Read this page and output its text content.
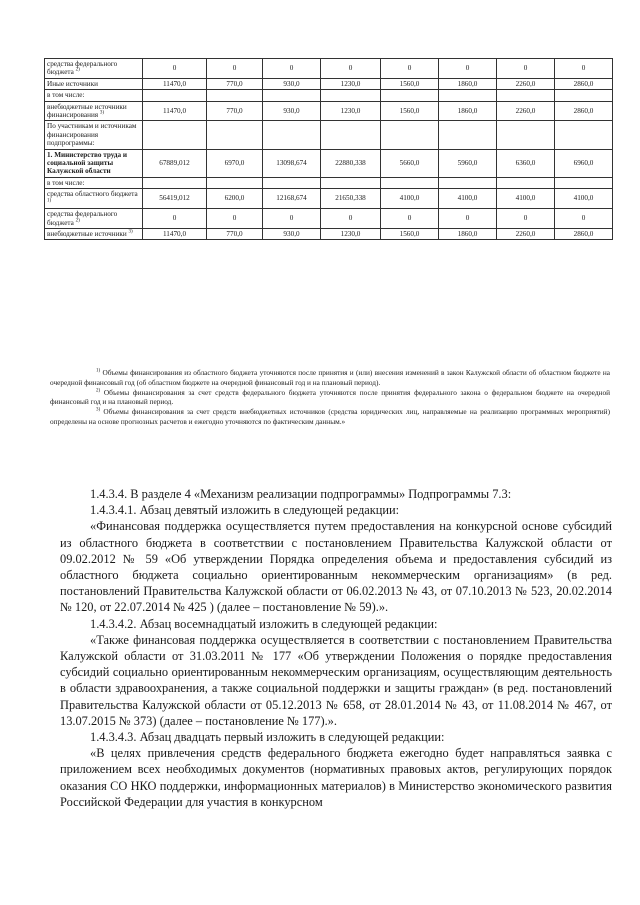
средства федерального бюджета $^{2)}$	0	0	0	0	0	0	0	0
Иные источники	11470,0	770,0	930,0	1230,0	1560,0	1860,0	2260,0	2860,0
в том числе:								
внебюджетные источники финансирования $^{3)}$	11470,0	770,0	930,0	1230,0	1560,0	1860,0	2260,0	2860,0
По участникам и источникам финансирования подпрограммы:								
1. Министерство труда и социальной защиты Калужской области	67889,012	6970,0	13098,674	22880,338	5660,0	5960,0	6360,0	6960,0
в том числе:								
средства областного бюджета $^{1)}$	56419,012	6200,0	12168,674	21650,338	4100,0	4100,0	4100,0	4100,0
средства федерального бюджета $^{2)}$	0	0	0	0	0	0	0	0
внебюджетные источники $^{3)}$	11470,0	770,0	930,0	1230,0	1560,0	1860,0	2260,0	2860,0

$^{1)}$ Объемы финансирования из областного бюджета уточняются после принятия и (или) внесения изменений в закон Калужской области об областном бюджете на очередной финансовый год (об областном бюджете на очередной финансовый год и на плановый период).

$^{2)}$ Объемы финансирования за счет средств федерального бюджета уточняются после принятия федерального закона о федеральном бюджете на очередной финансовый год и на плановый период.

$^{3)}$ Объемы финансирования за счет средств внебюджетных источников (средства юридических лиц, направляемые на реализацию программных мероприятий) определены на основе прогнозных расчетов и ежегодно уточняются по фактическим данным.»

1.4.3.4. В разделе 4 «Механизм реализации подпрограммы» Подпрограммы 7.3:

1.4.3.4.1. Абзац девятый изложить в следующей редакции:

«Финансовая поддержка осуществляется путем предоставления на конкурсной основе субсидий из областного бюджета в соответствии с постановлением Правительства Калужской области от 09.02.2012 № 59 «Об утверждении Порядка определения объема и предоставления субсидий из областного бюджета социально ориентированным некоммерческим организациям» (в ред. постановлений Правительства Калужской области от 06.02.2013 № 43, от 07.10.2013 № 523, 20.02.2014 № 120, от 22.07.2014 № 425 ) (далее – постановление № 59).».

1.4.3.4.2. Абзац восемнадцатый изложить в следующей редакции:

«Также финансовая поддержка осуществляется в соответствии с постановлением Правительства Калужской области от 31.03.2011 № 177 «Об утверждении Положения о порядке предоставления субсидий социально ориентированным некоммерческим организациям, осуществляющим деятельность в области здравоохранения, а также социальной поддержки и защиты граждан» (в ред. постановлений Правительства Калужской области от 05.12.2013 № 658, от 28.01.2014 № 43, от 11.08.2014 № 467, от 13.07.2015 № 373) (далее – постановление № 177).».

1.4.3.4.3. Абзац двадцать первый изложить в следующей редакции:

«В целях привлечения средств федерального бюджета ежегодно будет направляться заявка с приложением всех необходимых документов (нормативных правовых актов, регулирующих порядок оказания СО НКО поддержки, информационных материалов) в Министерство экономического развития Российской Федерации для участия в конкурсном
